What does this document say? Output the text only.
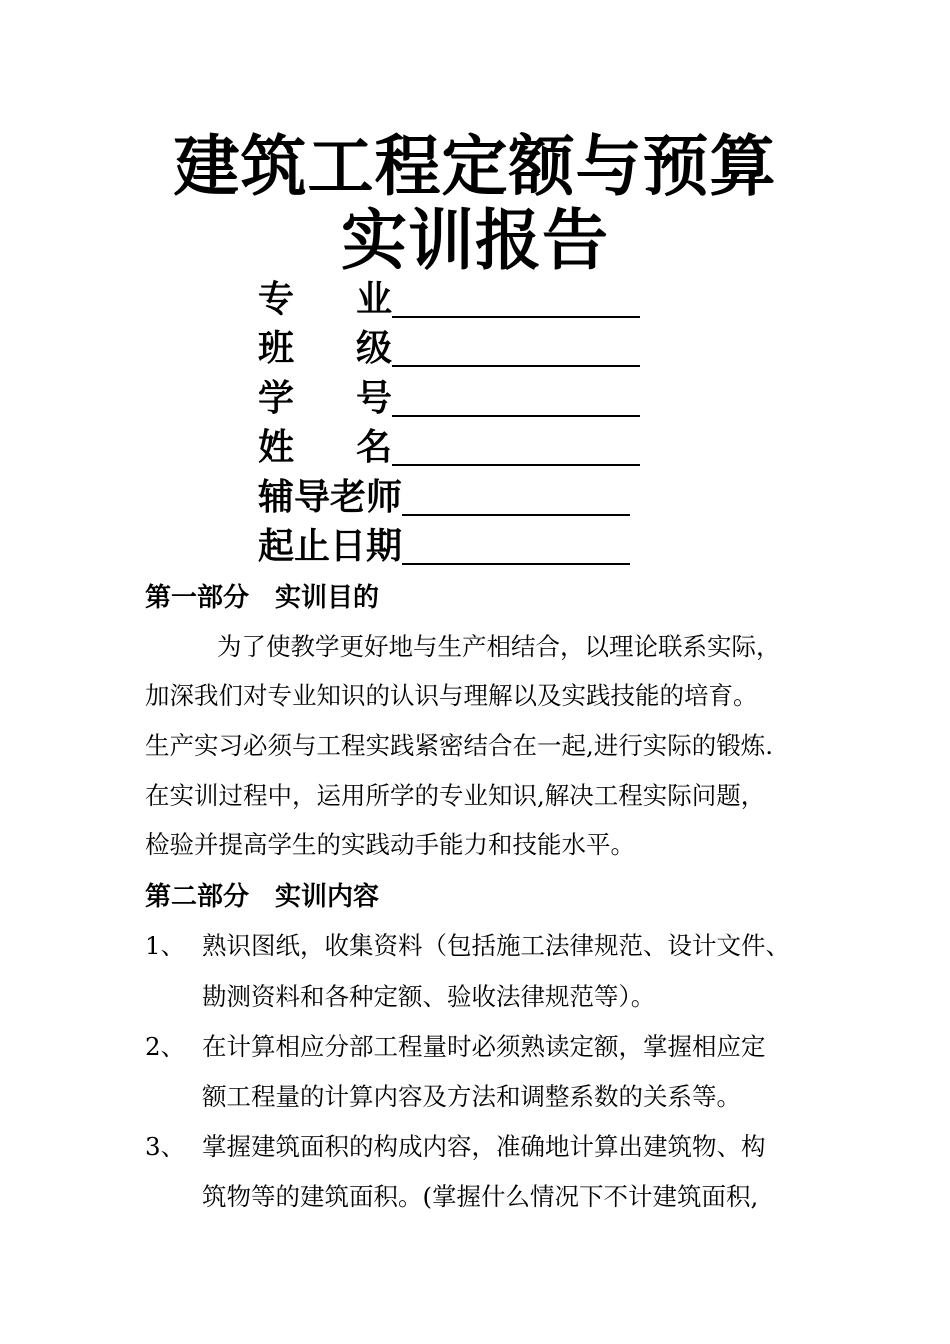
建筑工程定额与预算
实训报告
专 业
班 级
学 号
姓 名
辅导老师
起止日期
第一部分　实训目的
为了使教学更好地与生产相结合，以理论联系实际，
加深我们对专业知识的认识与理解以及实践技能的培育。
生产实习必须与工程实践紧密结合在一起,进行实际的锻炼.
在实训过程中，运用所学的专业知识,解决工程实际问题，
检验并提高学生的实践动手能力和技能水平。
第二部分　实训内容
1、 熟识图纸，收集资料（包括施工法律规范、设计文件、
勘测资料和各种定额、验收法律规范等）。
2、 在计算相应分部工程量时必须熟读定额，掌握相应定
额工程量的计算内容及方法和调整系数的关系等。
3、 掌握建筑面积的构成内容，准确地计算出建筑物、构
筑物等的建筑面积。(掌握什么情况下不计建筑面积,
